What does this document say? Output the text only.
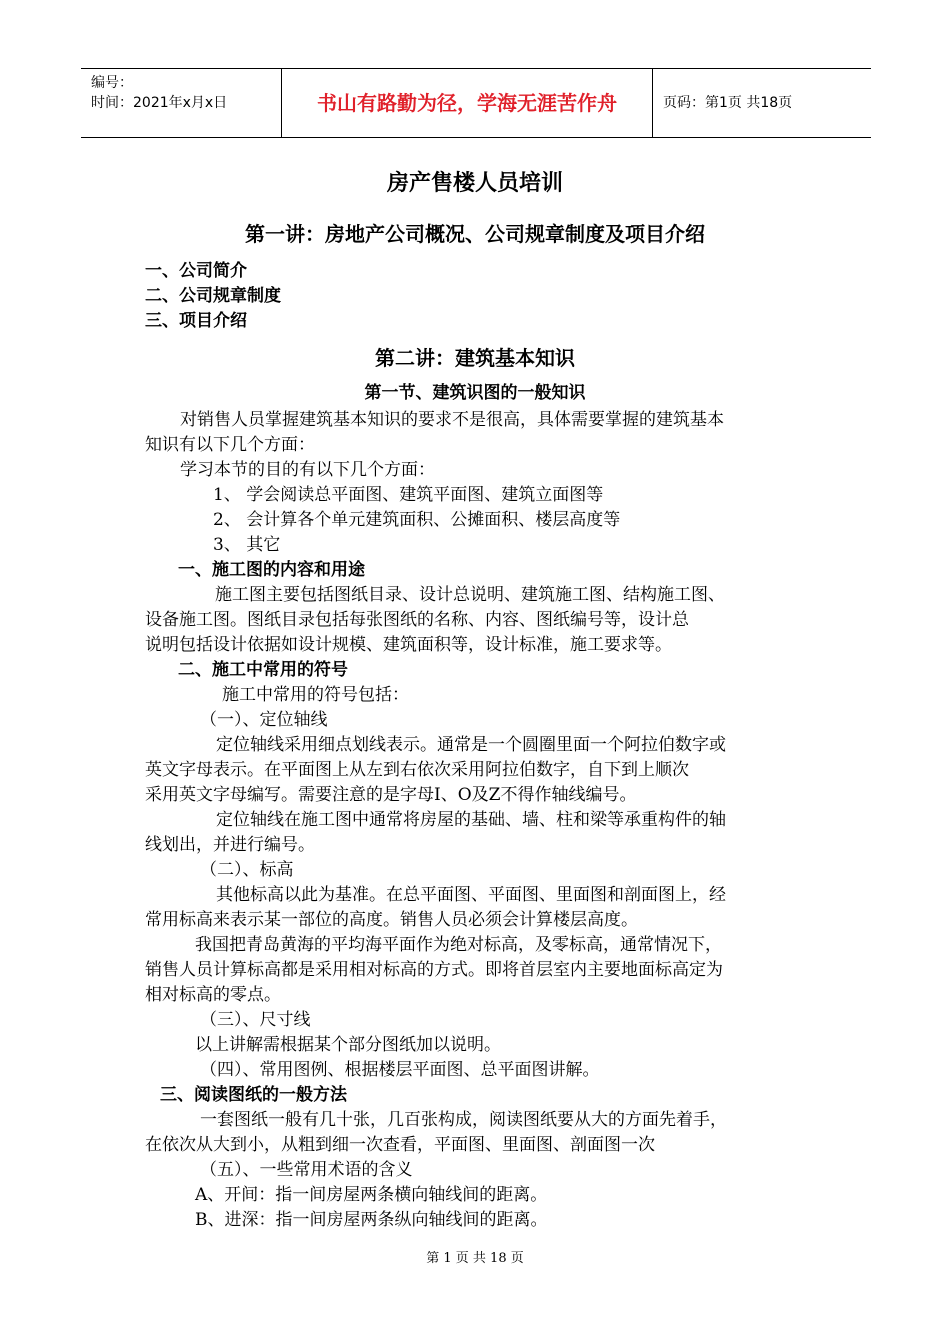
编号：
时间：2021年x月x日	书山有路勤为径，学海无涯苦作舟	页码：第1页 共18页
房产售楼人员培训
第一讲：房地产公司概况、公司规章制度及项目介绍
一、公司简介
二、公司规章制度
三、项目介绍
第二讲：建筑基本知识
第一节、建筑识图的一般知识
对销售人员掌握建筑基本知识的要求不是很高，具体需要掌握的建筑基本
知识有以下几个方面：
学习本节的目的有以下几个方面：
1、 学会阅读总平面图、建筑平面图、建筑立面图等
2、 会计算各个单元建筑面积、公摊面积、楼层高度等
3、 其它
一、施工图的内容和用途
施工图主要包括图纸目录、设计总说明、建筑施工图、结构施工图、
设备施工图。图纸目录包括每张图纸的名称、内容、图纸编号等，设计总
说明包括设计依据如设计规模、建筑面积等，设计标准，施工要求等。
二、施工中常用的符号
施工中常用的符号包括：
（一）、定位轴线
定位轴线采用细点划线表示。通常是一个圆圈里面一个阿拉伯数字或
英文字母表示。在平面图上从左到右依次采用阿拉伯数字，自下到上顺次
采用英文字母编写。需要注意的是字母I、O及Z不得作轴线编号。
定位轴线在施工图中通常将房屋的基础、墙、柱和梁等承重构件的轴
线划出，并进行编号。
（二）、标高
其他标高以此为基准。在总平面图、平面图、里面图和剖面图上，经
常用标高来表示某一部位的高度。销售人员必须会计算楼层高度。
我国把青岛黄海的平均海平面作为绝对标高，及零标高，通常情况下，
销售人员计算标高都是采用相对标高的方式。即将首层室内主要地面标高定为
相对标高的零点。
（三）、尺寸线
以上讲解需根据某个部分图纸加以说明。
（四）、常用图例、根据楼层平面图、总平面图讲解。
三、阅读图纸的一般方法
一套图纸一般有几十张，几百张构成，阅读图纸要从大的方面先着手，
在依次从大到小，从粗到细一次查看，平面图、里面图、剖面图一次
（五）、一些常用术语的含义
A、开间：指一间房屋两条横向轴线间的距离。
B、进深：指一间房屋两条纵向轴线间的距离。
第 1 页 共 18 页
